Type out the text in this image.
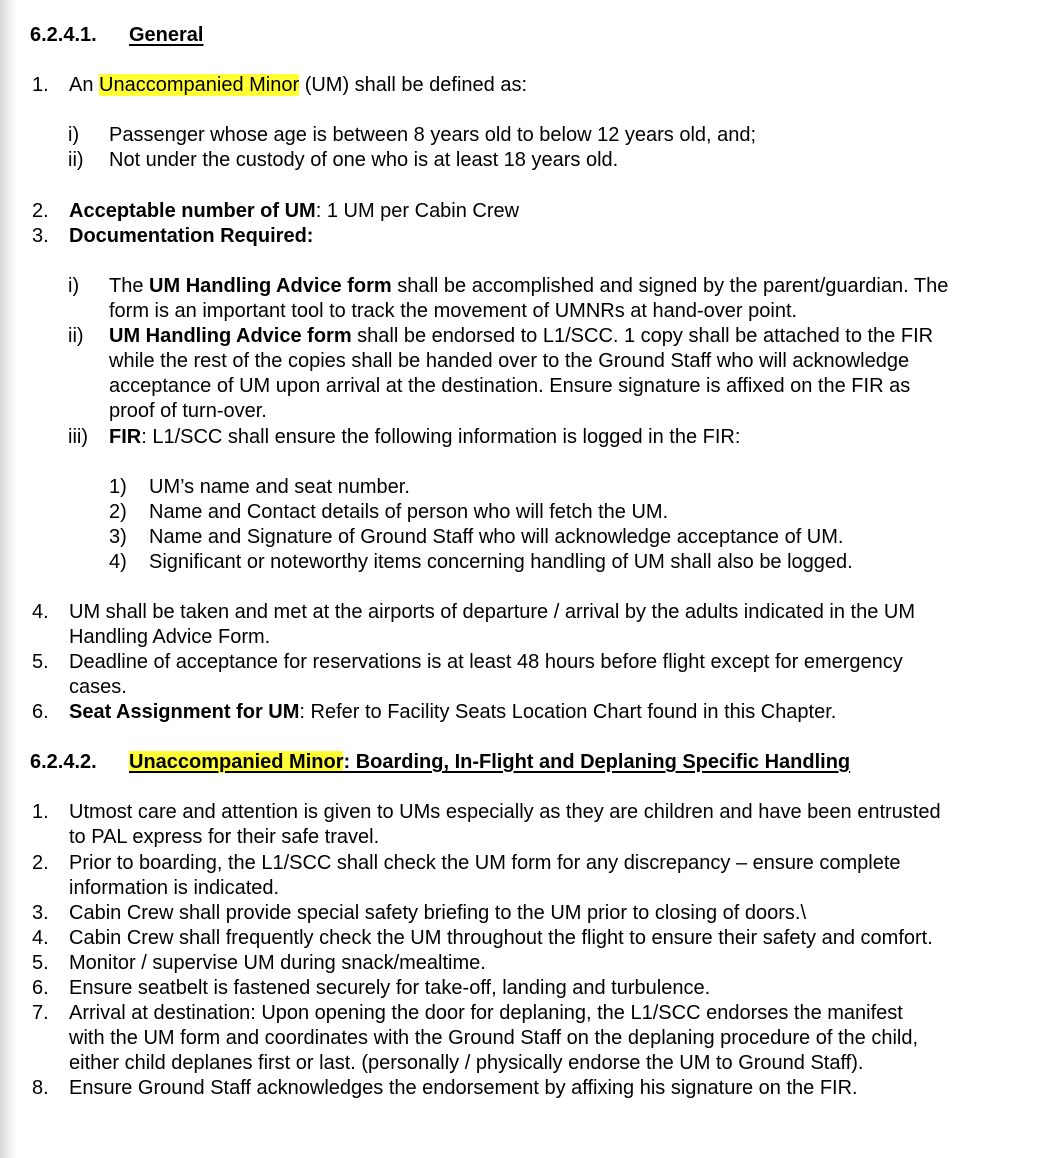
6.2.4.1. General
1. An Unaccompanied Minor (UM) shall be defined as:
i) Passenger whose age is between 8 years old to below 12 years old, and;
ii) Not under the custody of one who is at least 18 years old.
2. Acceptable number of UM: 1 UM per Cabin Crew
3. Documentation Required:
i) The UM Handling Advice form shall be accomplished and signed by the parent/guardian. The
form is an important tool to track the movement of UMNRs at hand-over point.
ii) UM Handling Advice form shall be endorsed to L1/SCC. 1 copy shall be attached to the FIR
while the rest of the copies shall be handed over to the Ground Staff who will acknowledge
acceptance of UM upon arrival at the destination. Ensure signature is affixed on the FIR as
proof of turn-over.
iii) FIR: L1/SCC shall ensure the following information is logged in the FIR:
1) UM’s name and seat number.
2) Name and Contact details of person who will fetch the UM.
3) Name and Signature of Ground Staff who will acknowledge acceptance of UM.
4) Significant or noteworthy items concerning handling of UM shall also be logged.
4. UM shall be taken and met at the airports of departure / arrival by the adults indicated in the UM
Handling Advice Form.
5. Deadline of acceptance for reservations is at least 48 hours before flight except for emergency
cases.
6. Seat Assignment for UM: Refer to Facility Seats Location Chart found in this Chapter.
6.2.4.2. Unaccompanied Minor: Boarding, In-Flight and Deplaning Specific Handling
1. Utmost care and attention is given to UMs especially as they are children and have been entrusted
to PAL express for their safe travel.
2. Prior to boarding, the L1/SCC shall check the UM form for any discrepancy – ensure complete
information is indicated.
3. Cabin Crew shall provide special safety briefing to the UM prior to closing of doors.\
4. Cabin Crew shall frequently check the UM throughout the flight to ensure their safety and comfort.
5. Monitor / supervise UM during snack/mealtime.
6. Ensure seatbelt is fastened securely for take-off, landing and turbulence.
7. Arrival at destination: Upon opening the door for deplaning, the L1/SCC endorses the manifest
with the UM form and coordinates with the Ground Staff on the deplaning procedure of the child,
either child deplanes first or last. (personally / physically endorse the UM to Ground Staff).
8. Ensure Ground Staff acknowledges the endorsement by affixing his signature on the FIR.
